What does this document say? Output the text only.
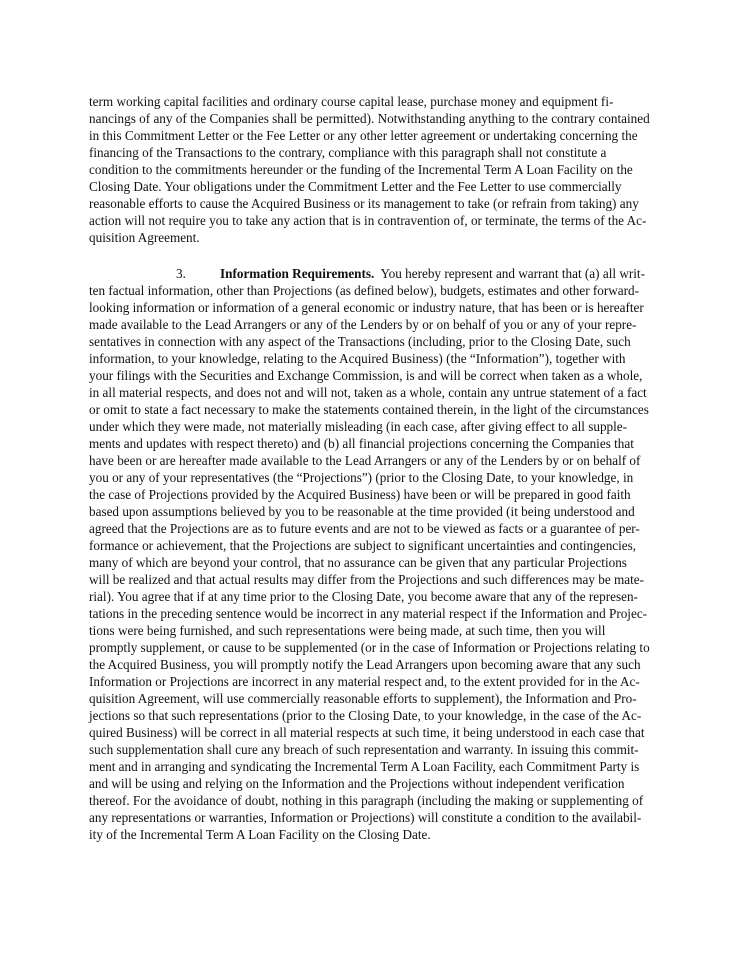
term working capital facilities and ordinary course capital lease, purchase money and equipment fi-
nancings of any of the Companies shall be permitted). Notwithstanding anything to the contrary contained
in this Commitment Letter or the Fee Letter or any other letter agreement or undertaking concerning the
financing of the Transactions to the contrary, compliance with this paragraph shall not constitute a
condition to the commitments hereunder or the funding of the Incremental Term A Loan Facility on the
Closing Date. Your obligations under the Commitment Letter and the Fee Letter to use commercially
reasonable efforts to cause the Acquired Business or its management to take (or refrain from taking) any
action will not require you to take any action that is in contravention of, or terminate, the terms of the Ac-
quisition Agreement.
3.	Information Requirements. You hereby represent and warrant that (a) all writ-
ten factual information, other than Projections (as defined below), budgets, estimates and other forward-
looking information or information of a general economic or industry nature, that has been or is hereafter
made available to the Lead Arrangers or any of the Lenders by or on behalf of you or any of your repre-
sentatives in connection with any aspect of the Transactions (including, prior to the Closing Date, such
information, to your knowledge, relating to the Acquired Business) (the “Information”), together with
your filings with the Securities and Exchange Commission, is and will be correct when taken as a whole,
in all material respects, and does not and will not, taken as a whole, contain any untrue statement of a fact
or omit to state a fact necessary to make the statements contained therein, in the light of the circumstances
under which they were made, not materially misleading (in each case, after giving effect to all supple-
ments and updates with respect thereto) and (b) all financial projections concerning the Companies that
have been or are hereafter made available to the Lead Arrangers or any of the Lenders by or on behalf of
you or any of your representatives (the “Projections”) (prior to the Closing Date, to your knowledge, in
the case of Projections provided by the Acquired Business) have been or will be prepared in good faith
based upon assumptions believed by you to be reasonable at the time provided (it being understood and
agreed that the Projections are as to future events and are not to be viewed as facts or a guarantee of per-
formance or achievement, that the Projections are subject to significant uncertainties and contingencies,
many of which are beyond your control, that no assurance can be given that any particular Projections
will be realized and that actual results may differ from the Projections and such differences may be mate-
rial). You agree that if at any time prior to the Closing Date, you become aware that any of the represen-
tations in the preceding sentence would be incorrect in any material respect if the Information and Projec-
tions were being furnished, and such representations were being made, at such time, then you will
promptly supplement, or cause to be supplemented (or in the case of Information or Projections relating to
the Acquired Business, you will promptly notify the Lead Arrangers upon becoming aware that any such
Information or Projections are incorrect in any material respect and, to the extent provided for in the Ac-
quisition Agreement, will use commercially reasonable efforts to supplement), the Information and Pro-
jections so that such representations (prior to the Closing Date, to your knowledge, in the case of the Ac-
quired Business) will be correct in all material respects at such time, it being understood in each case that
such supplementation shall cure any breach of such representation and warranty. In issuing this commit-
ment and in arranging and syndicating the Incremental Term A Loan Facility, each Commitment Party is
and will be using and relying on the Information and the Projections without independent verification
thereof. For the avoidance of doubt, nothing in this paragraph (including the making or supplementing of
any representations or warranties, Information or Projections) will constitute a condition to the availabil-
ity of the Incremental Term A Loan Facility on the Closing Date.
